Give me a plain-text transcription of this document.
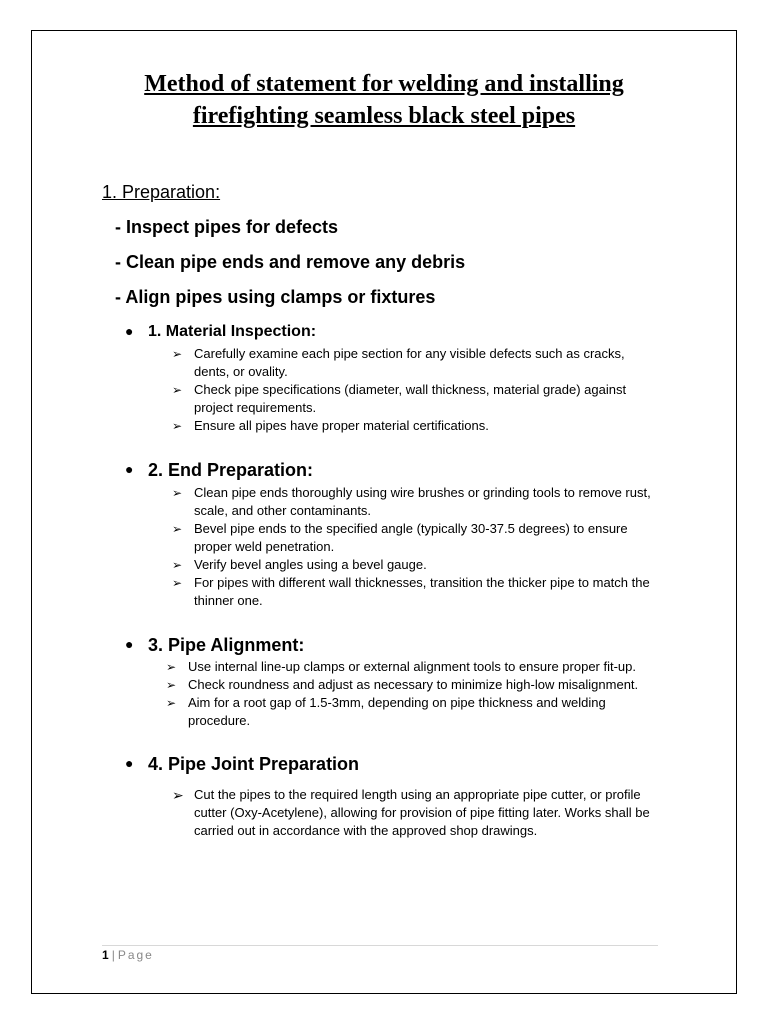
Method of statement for welding and installing
firefighting seamless black steel pipes
1. Preparation:
- Inspect pipes for defects
- Clean pipe ends and remove any debris
- Align pipes using clamps or fixtures
● 1. Material Inspection:
➢ Carefully examine each pipe section for any visible defects such as cracks, dents, or ovality.
➢ Check pipe specifications (diameter, wall thickness, material grade) against project requirements.
➢ Ensure all pipes have proper material certifications.
● 2. End Preparation:
➢ Clean pipe ends thoroughly using wire brushes or grinding tools to remove rust, scale, and other contaminants.
➢ Bevel pipe ends to the specified angle (typically 30-37.5 degrees) to ensure proper weld penetration.
➢ Verify bevel angles using a bevel gauge.
➢ For pipes with different wall thicknesses, transition the thicker pipe to match the thinner one.
● 3. Pipe Alignment:
➢ Use internal line-up clamps or external alignment tools to ensure proper fit-up.
➢ Check roundness and adjust as necessary to minimize high-low misalignment.
➢ Aim for a root gap of 1.5-3mm, depending on pipe thickness and welding procedure.
● 4. Pipe Joint Preparation
➢ Cut the pipes to the required length using an appropriate pipe cutter, or profile cutter (Oxy-Acetylene), allowing for provision of pipe fitting later. Works shall be carried out in accordance with the approved shop drawings.
1 | Page
